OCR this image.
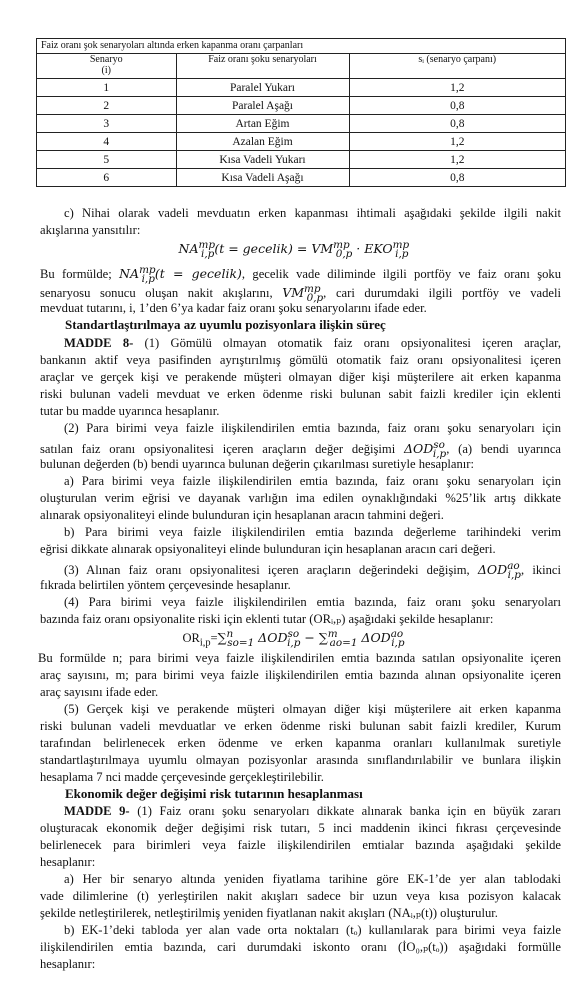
Faiz oranı şok senaryoları altında erken kapanma oranı çarpanları
Senaryo
(i)	Faiz oranı şoku senaryoları	sᵢ (senaryo çarpanı)
1	Paralel Yukarı	1,2
2	Paralel Aşağı	0,8
3	Artan Eğim	0,8
4	Azalan Eğim	1,2
5	Kısa Vadeli Yukarı	1,2
6	Kısa Vadeli Aşağı	0,8

c) Nihai olarak vadeli mevduatın erken kapanması ihtimali aşağıdaki şekilde ilgili nakit

akışlarına yansıtılır:

$NA^{mp}_{i,p}(t$ = gecelik) = $VM^{mp}_{0,p} \cdot EKO^{mp}_{i,p}$

Bu formülde; $NA^{mp}_{i,p}(t$ = gecelik), gecelik vade diliminde ilgili portföy ve faiz oranı şoku

senaryosu sonucu oluşan nakit akışlarını, $VM^{mp}_{0,p}$, cari durumdaki ilgili portföy ve vadeli

mevduat tutarını, i, 1’den 6’ya kadar faiz oranı şoku senaryolarını ifade eder.

Standartlaştırılmaya az uyumlu pozisyonlara ilişkin süreç

MADDE 8- (1) Gömülü olmayan otomatik faiz oranı opsiyonalitesi içeren araçlar,

bankanın aktif veya pasifinden ayrıştırılmış gömülü otomatik faiz oranı opsiyonalitesi içeren

araçlar ve gerçek kişi ve perakende müşteri olmayan diğer kişi müşterilere ait erken kapanma

riski bulunan vadeli mevduat ve erken ödenme riski bulunan sabit faizli krediler için eklenti

tutar bu madde uyarınca hesaplanır.

(2) Para birimi veya faizle ilişkilendirilen emtia bazında, faiz oranı şoku senaryoları için

satılan faiz oranı opsiyonalitesi içeren araçların değer değişimi $\Delta OD^{so}_{i,p}$, (a) bendi uyarınca

bulunan değerden (b) bendi uyarınca bulunan değerin çıkarılması suretiyle hesaplanır:

a) Para birimi veya faizle ilişkilendirilen emtia bazında, faiz oranı şoku senaryoları için

oluşturulan verim eğrisi ve dayanak varlığın ima edilen oynaklığındaki %25’lik artış dikkate

alınarak opsiyonaliteyi elinde bulunduran için hesaplanan aracın tahmini değeri.

b) Para birimi veya faizle ilişkilendirilen emtia bazında değerleme tarihindeki verim

eğrisi dikkate alınarak opsiyonaliteyi elinde bulunduran için hesaplanan aracın cari değeri.

(3) Alınan faiz oranı opsiyonalitesi içeren araçların değerindeki değişim, $\Delta OD^{ao}_{i,p}$, ikinci

fıkrada belirtilen yöntem çerçevesinde hesaplanır.

(4) Para birimi veya faizle ilişkilendirilen emtia bazında, faiz oranı şoku senaryoları

bazında faiz oranı opsiyonalite riski için eklenti tutar (ORᵢ,ₚ) aşağıdaki şekilde hesaplanır:

$OR_{i,p}=\sum^n_{so=1}$ $\Delta OD^{so}_{i,p} - \sum^m_{ao=1}$ $\Delta OD^{ao}_{i,p}$

Bu formülde n; para birimi veya faizle ilişkilendirilen emtia bazında satılan opsiyonalite içeren

araç sayısını, m; para birimi veya faizle ilişkilendirilen emtia bazında alınan opsiyonalite içeren

araç sayısını ifade eder.

(5) Gerçek kişi ve perakende müşteri olmayan diğer kişi müşterilere ait erken kapanma

riski bulunan vadeli mevduatlar ve erken ödenme riski bulunan sabit faizli krediler, Kurum

tarafından belirlenecek erken ödenme ve erken kapanma oranları kullanılmak suretiyle

standartlaştırılmaya uyumlu olmayan pozisyonlar arasında sınıflandırılabilir ve bunlara ilişkin

hesaplama 7 nci madde çerçevesinde gerçekleştirilebilir.

Ekonomik değer değişimi risk tutarının hesaplanması

MADDE 9- (1) Faiz oranı şoku senaryoları dikkate alınarak banka için en büyük zararı

oluşturacak ekonomik değer değişimi risk tutarı, 5 inci maddenin ikinci fıkrası çerçevesinde

belirlenecek para birimleri veya faizle ilişkilendirilen emtialar bazında aşağıdaki şekilde

hesaplanır:

a) Her bir senaryo altında yeniden fiyatlama tarihine göre EK-1’de yer alan tablodaki

vade dilimlerine (t) yerleştirilen nakit akışları sadece bir uzun veya kısa pozisyon kalacak

şekilde netleştirilerek, netleştirilmiş yeniden fiyatlanan nakit akışları (NAᵢ,ₚ(t)) oluşturulur.

b) EK-1’deki tabloda yer alan vade orta noktaları (tₒ) kullanılarak para birimi veya faizle

ilişkilendirilen emtia bazında, cari durumdaki iskonto oranı (İO₀,ₚ(tₒ)) aşağıdaki formülle

hesaplanır:
